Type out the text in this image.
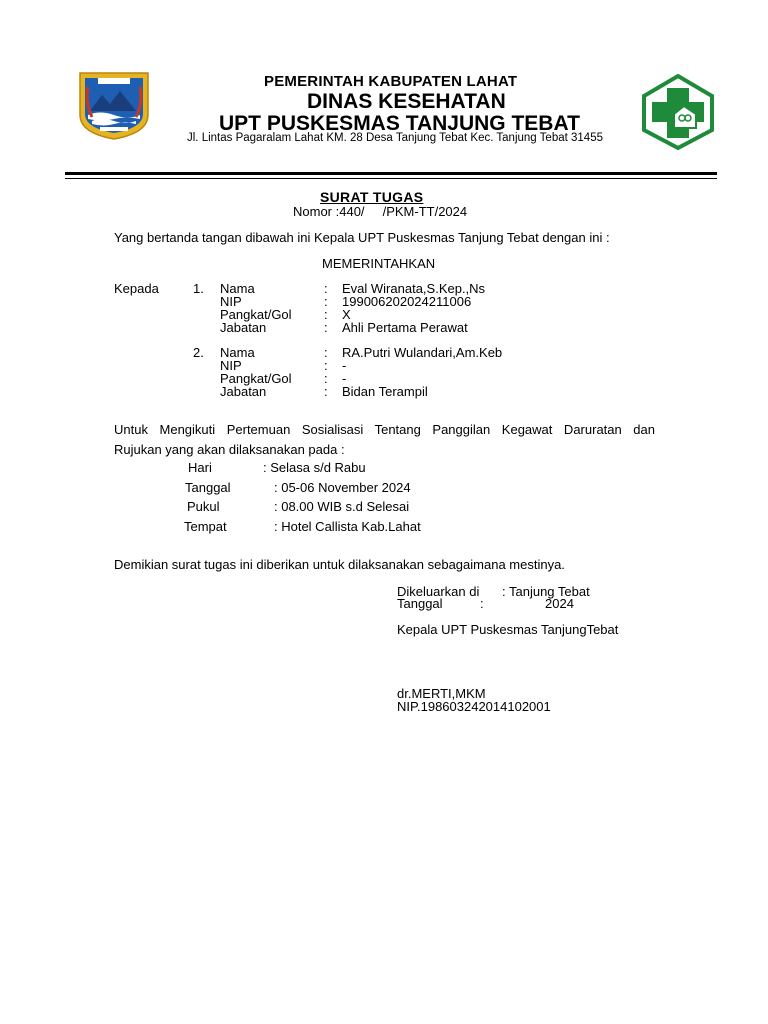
PEMERINTAH KABUPATEN LAHAT
DINAS KESEHATAN
UPT PUSKESMAS TANJUNG TEBAT
Jl. Lintas Pagaralam Lahat KM. 28 Desa Tanjung Tebat Kec. Tanjung Tebat 31455
SURAT TUGAS
Nomor :440/     /PKM-TT/2024
Yang bertanda tangan dibawah ini Kepala UPT Puskesmas Tanjung Tebat dengan ini :
MEMERINTAHKAN
Kepada	1. Nama	: Eval Wiranata,S.Kep.,Ns
NIP	: 199006202024211006
Pangkat/Gol : X
Jabatan	: Ahli Pertama Perawat
2. Nama	: RA.Putri Wulandari,Am.Keb
NIP	: -
Pangkat/Gol : -
Jabatan	: Bidan Terampil
Untuk Mengikuti Pertemuan Sosialisasi Tentang Panggilan Kegawat Daruratan dan
Rujukan yang akan dilaksanakan pada :
Hari	: Selasa s/d Rabu
Tanggal	: 05-06 November 2024
Pukul	: 08.00 WIB s.d Selesai
Tempat	: Hotel Callista Kab.Lahat
Demikian surat tugas ini diberikan untuk dilaksanakan sebagaimana mestinya.
Dikeluarkan di : Tanjung Tebat
Tanggal	:	2024
Kepala UPT Puskesmas TanjungTebat
dr.MERTI,MKM
NIP.198603242014102001
